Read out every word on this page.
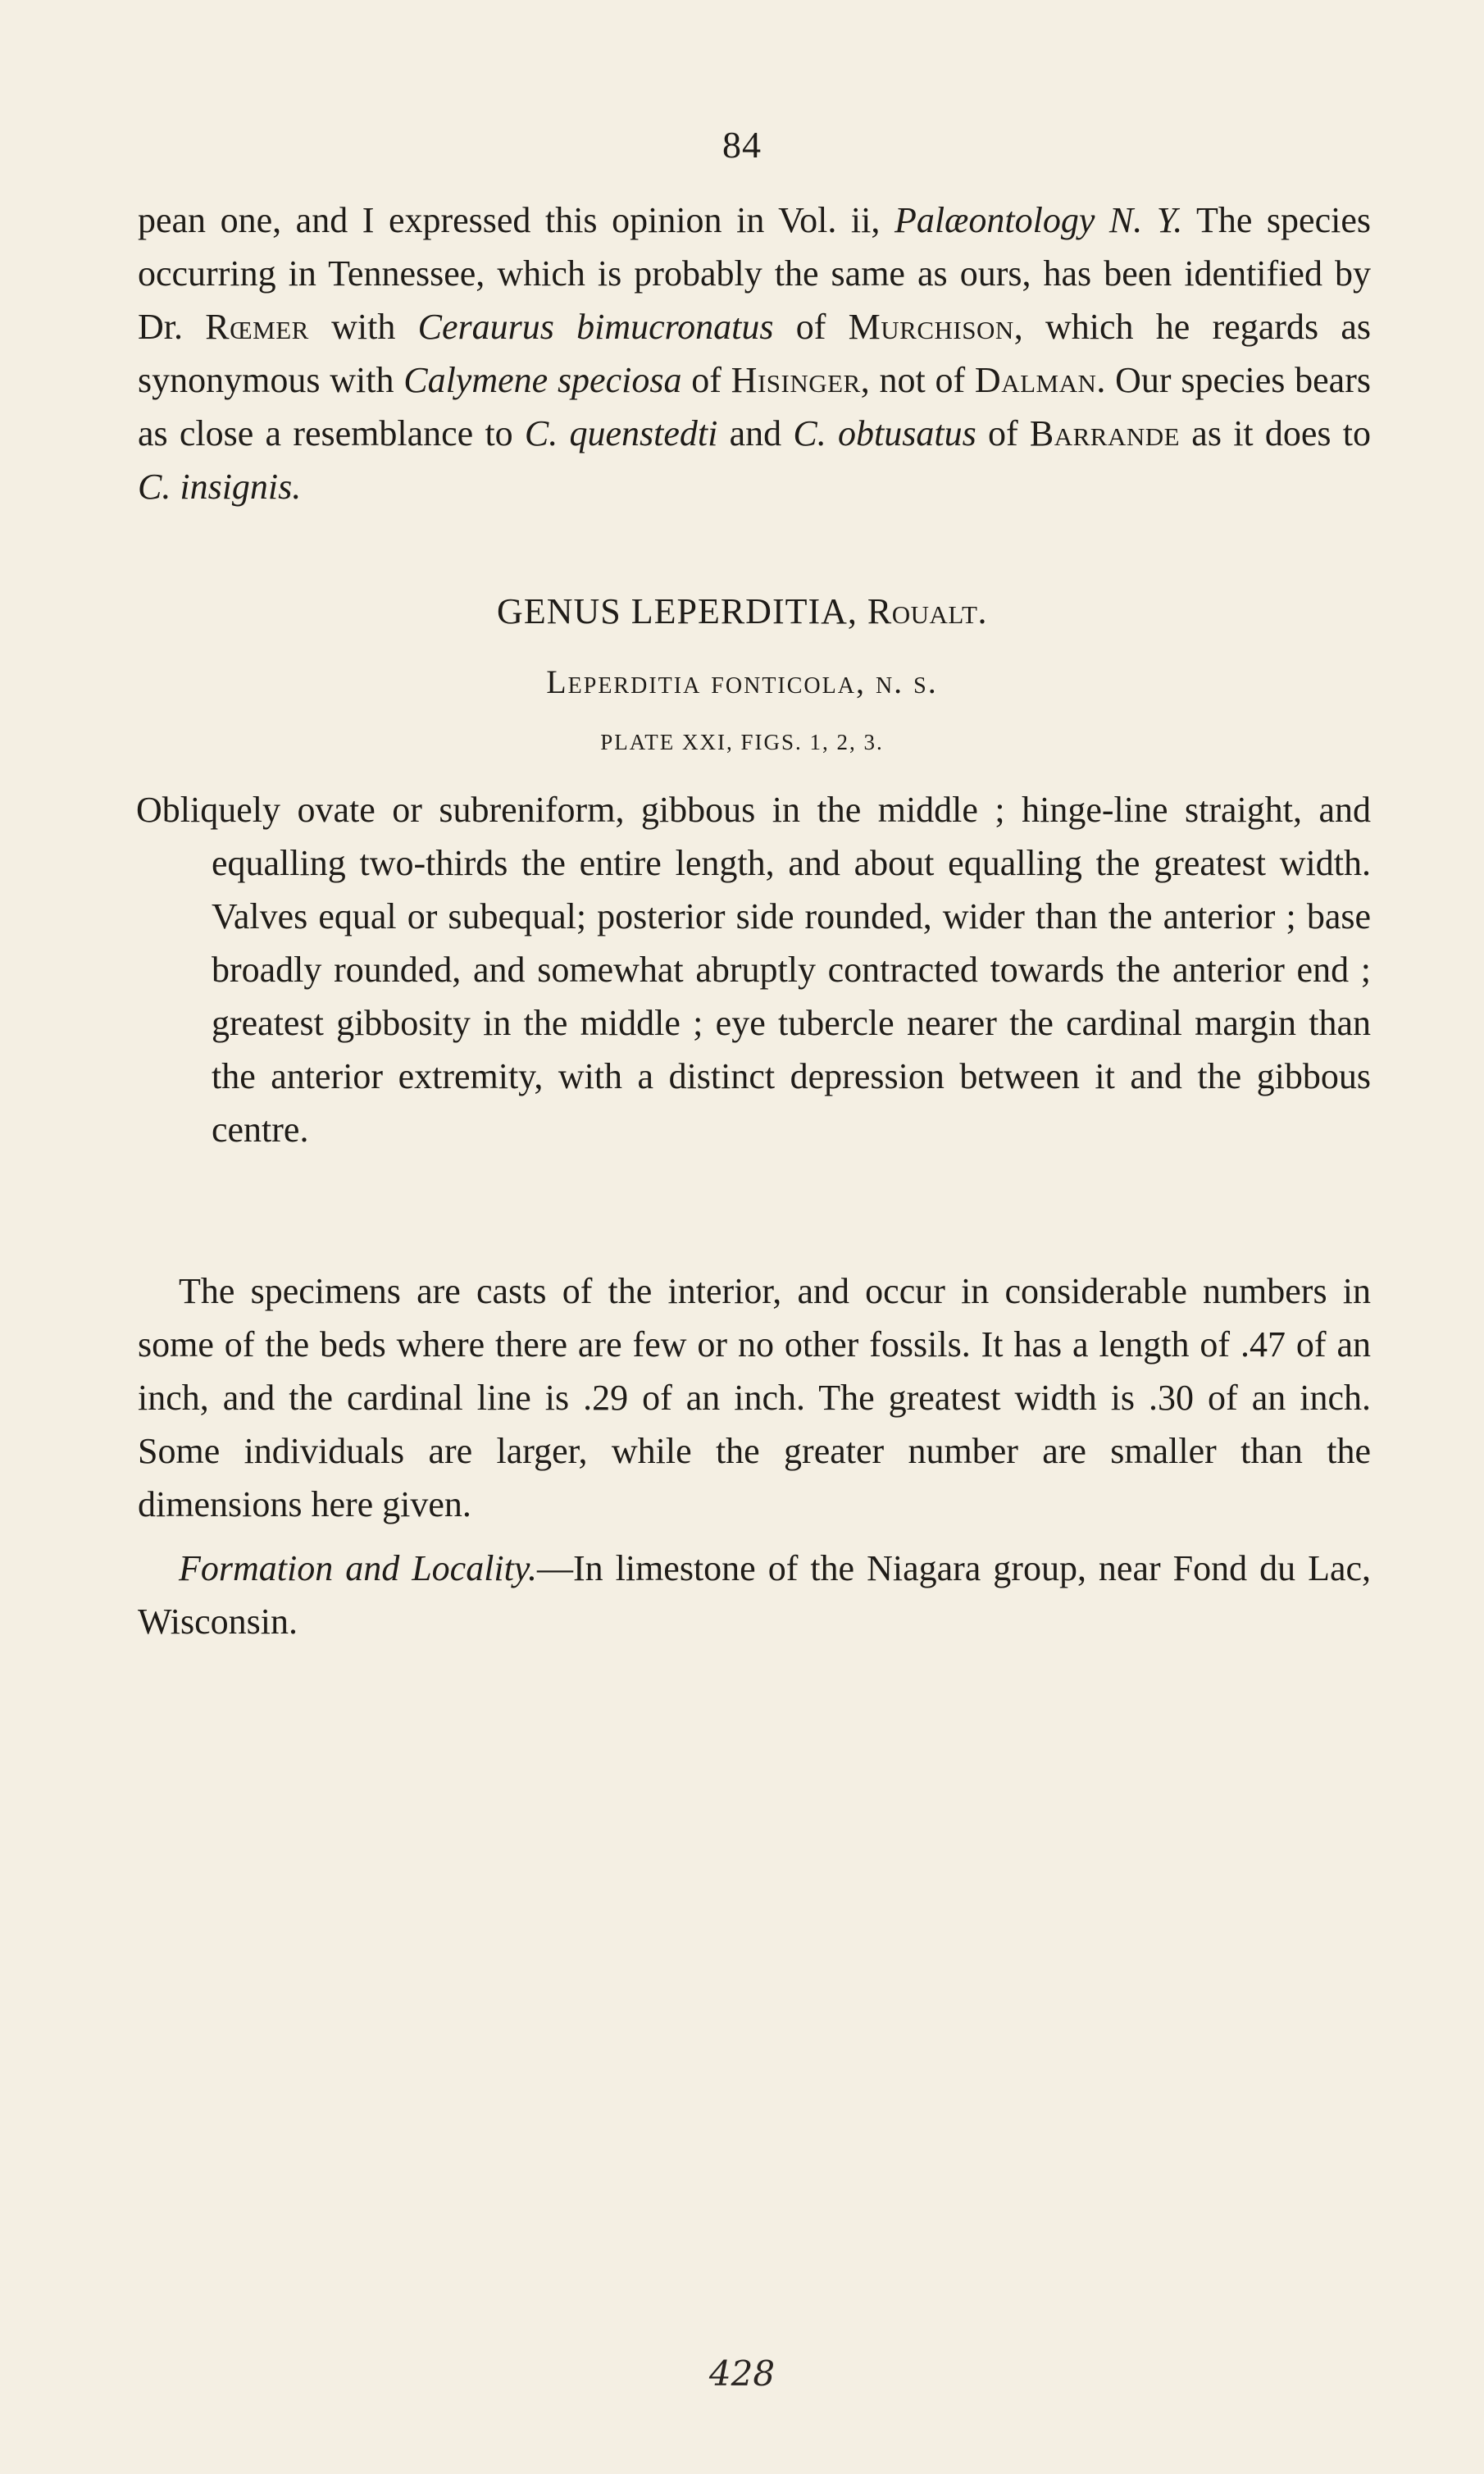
84
pean one, and I expressed this opinion in Vol. ii, Palæontology N. Y. The species occurring in Tennessee, which is probably the same as ours, has been identified by Dr. Rœmer with Ceraurus bimucronatus of Murchison, which he regards as synonymous with Calymene speciosa of Hisinger, not of Dalman. Our species bears as close a resemblance to C. quenstedti and C. obtusatus of Barrande as it does to C. insignis.
GENUS LEPERDITIA, Roualt.
Leperditia fonticola, n. s.
PLATE XXI, FIGS. 1, 2, 3.
Obliquely ovate or subreniform, gibbous in the middle ; hinge-line straight, and equalling two-thirds the entire length, and about equalling the greatest width. Valves equal or subequal; posterior side rounded, wider than the anterior ; base broadly rounded, and somewhat abruptly contracted towards the anterior end ; greatest gibbosity in the middle ; eye tubercle nearer the cardinal margin than the anterior extremity, with a distinct depression between it and the gibbous centre.
The specimens are casts of the interior, and occur in considerable numbers in some of the beds where there are few or no other fossils. It has a length of .47 of an inch, and the cardinal line is .29 of an inch. The greatest width is .30 of an inch. Some individuals are larger, while the greater number are smaller than the dimensions here given.
Formation and Locality.—In limestone of the Niagara group, near Fond du Lac, Wisconsin.
428
